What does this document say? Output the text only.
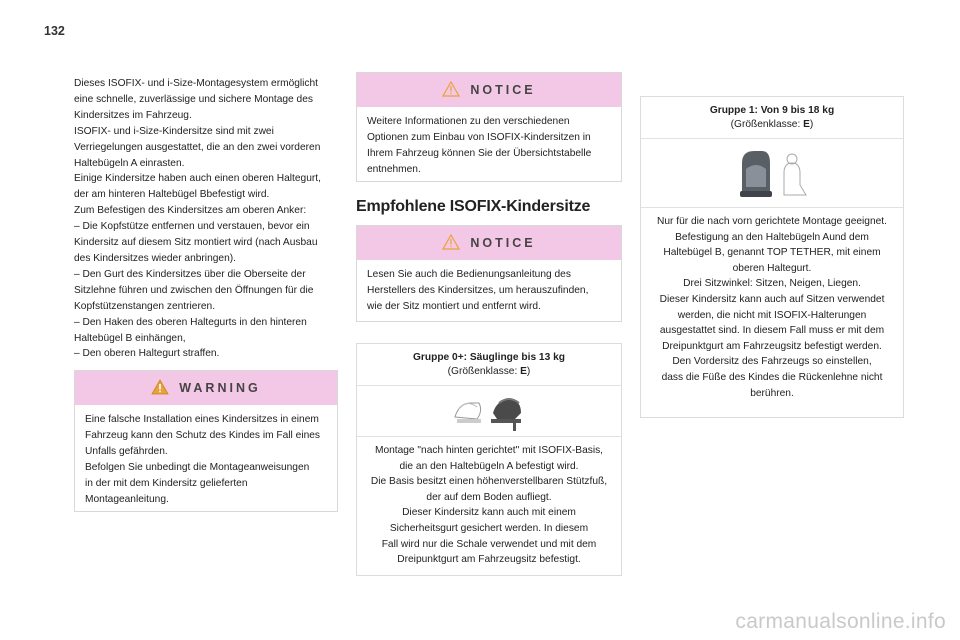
132

Dieses ISOFIX- und i-Size-Montagesystem ermöglicht
eine schnelle, zuverlässige und sichere Montage des
Kindersitzes im Fahrzeug.
ISOFIX- und i-Size-Kindersitze sind mit zwei
Verriegelungen ausgestattet, die an den zwei vorderen
Haltebügeln A einrasten.
Einige Kindersitze haben auch einen oberen Haltegurt,
der am hinteren Haltebügel Bbefestigt wird.
Zum Befestigen des Kindersitzes am oberen Anker:
– Die Kopfstütze entfernen und verstauen, bevor ein
Kindersitz auf diesem Sitz montiert wird (nach Ausbau
des Kindersitzes wieder anbringen).
– Den Gurt des Kindersitzes über die Oberseite der
Sitzlehne führen und zwischen den Öffnungen für die
Kopfstützenstangen zentrieren.
– Den Haken des oberen Haltegurts in den hinteren
Haltebügel B einhängen,
– Den oberen Haltegurt straffen.

WARNING
Eine falsche Installation eines Kindersitzes in einem
Fahrzeug kann den Schutz des Kindes im Fall eines
Unfalls gefährden.
Befolgen Sie unbedingt die Montageanweisungen
in der mit dem Kindersitz gelieferten
Montageanleitung.
NOTICE
Weitere Informationen zu den verschiedenen
Optionen zum Einbau von ISOFIX-Kindersitzen in
Ihrem Fahrzeug können Sie der Übersichtstabelle
entnehmen.
Empfohlene ISOFIX-Kindersitze
NOTICE
Lesen Sie auch die Bedienungsanleitung des
Herstellers des Kindersitzes, um herauszufinden,
wie der Sitz montiert und entfernt wird.
Gruppe 0+: Säuglinge bis 13 kg
(Größenklasse: E)
Montage "nach hinten gerichtet" mit ISOFIX-Basis,
die an den Haltebügeln A befestigt wird.
Die Basis besitzt einen höhenverstellbaren Stützfuß,
der auf dem Boden aufliegt.
Dieser Kindersitz kann auch mit einem
Sicherheitsgurt gesichert werden. In diesem
Fall wird nur die Schale verwendet und mit dem
Dreipunktgurt am Fahrzeugsitz befestigt.
Gruppe 1: Von 9 bis 18 kg
(Größenklasse: E)
Nur für die nach vorn gerichtete Montage geeignet.
Befestigung an den Haltebügeln Aund dem
Haltebügel B, genannt TOP TETHER, mit einem
oberen Haltegurt.
Drei Sitzwinkel: Sitzen, Neigen, Liegen.
Dieser Kindersitz kann auch auf Sitzen verwendet
werden, die nicht mit ISOFIX-Halterungen
ausgestattet sind. In diesem Fall muss er mit dem
Dreipunktgurt am Fahrzeugsitz befestigt werden.
Den Vordersitz des Fahrzeugs so einstellen,
dass die Füße des Kindes die Rückenlehne nicht
berühren.
carmanualsonline.info
